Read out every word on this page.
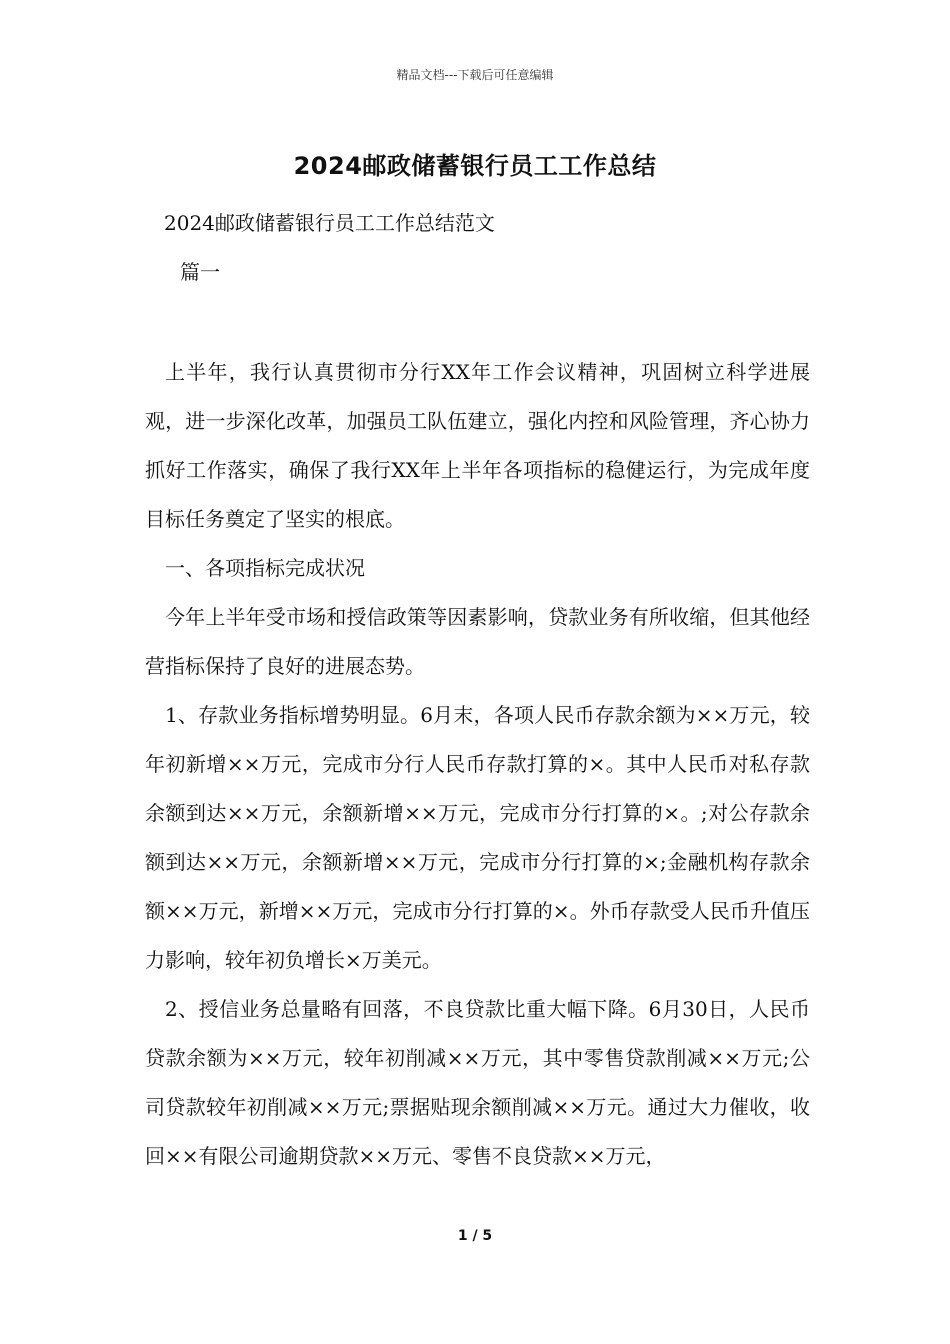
精品文档---下载后可任意编辑
2024邮政储蓄银行员工工作总结
2024邮政储蓄银行员工工作总结范文
篇一

上半年，我行认真贯彻市分行XX年工作会议精神，巩固树立科学进展观，进一步深化改革，加强员工队伍建立，强化内控和风险管理，齐心协力抓好工作落实，确保了我行XX年上半年各项指标的稳健运行，为完成年度目标任务奠定了坚实的根底。

一、各项指标完成状况

今年上半年受市场和授信政策等因素影响，贷款业务有所收缩，但其他经营指标保持了良好的进展态势。

1、存款业务指标增势明显。6月末，各项人民币存款余额为××万元，较年初新增××万元，完成市分行人民币存款打算的×。其中人民币对私存款余额到达××万元，余额新增××万元，完成市分行打算的×。;对公存款余额到达××万元，余额新增××万元，完成市分行打算的×;金融机构存款余额××万元，新增××万元，完成市分行打算的×。外币存款受人民币升值压力影响，较年初负增长×万美元。

2、授信业务总量略有回落，不良贷款比重大幅下降。6月30日，人民币贷款余额为××万元，较年初削减××万元，其中零售贷款削减××万元;公司贷款较年初削减××万元;票据贴现余额削减××万元。通过大力催收，收回××有限公司逾期贷款××万元、零售不良贷款××万元，

1 / 5
